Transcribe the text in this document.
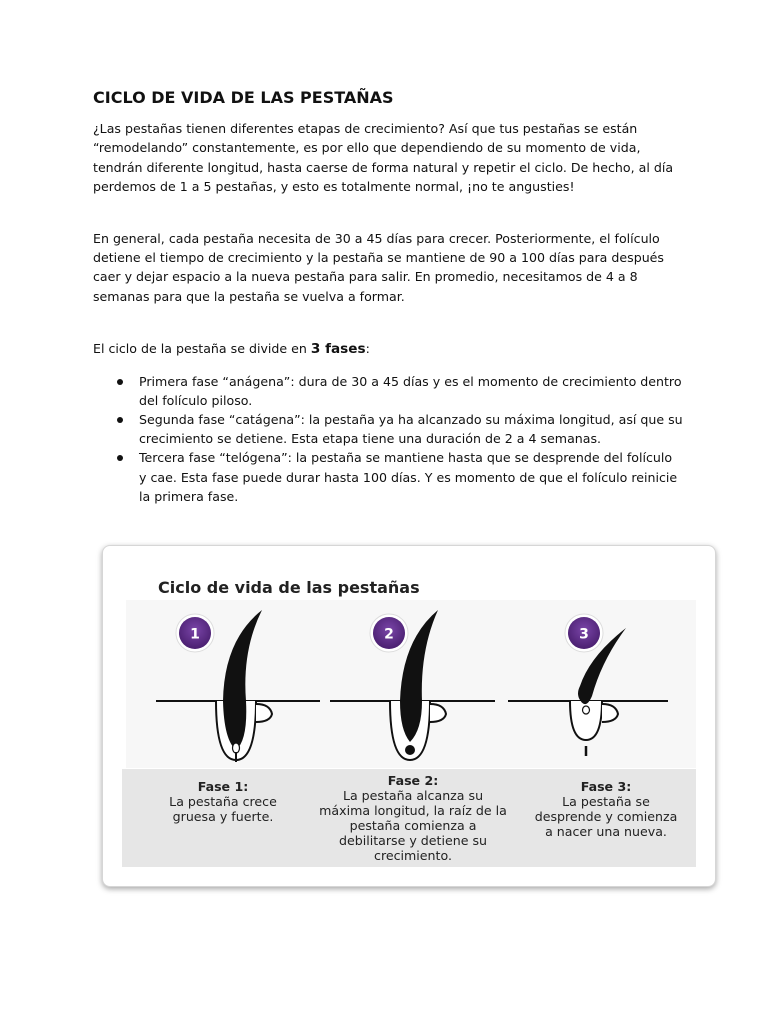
CICLO DE VIDA DE LAS PESTAÑAS

¿Las pestañas tienen diferentes etapas de crecimiento? Así que tus pestañas se están “remodelando” constantemente, es por ello que dependiendo de su momento de vida, tendrán diferente longitud, hasta caerse de forma natural y repetir el ciclo. De hecho, al día perdemos de 1 a 5 pestañas, y esto es totalmente normal, ¡no te angusties!

En general, cada pestaña necesita de 30 a 45 días para crecer. Posteriormente, el folículo detiene el tiempo de crecimiento y la pestaña se mantiene de 90 a 100 días para después caer y dejar espacio a la nueva pestaña para salir. En promedio, necesitamos de 4 a 8 semanas para que la pestaña se vuelva a formar.

El ciclo de la pestaña se divide en 3 fases:

Primera fase “anágena”: dura de 30 a 45 días y es el momento de crecimiento dentro del folículo piloso.
Segunda fase “catágena”: la pestaña ya ha alcanzado su máxima longitud, así que su crecimiento se detiene. Esta etapa tiene una duración de 2 a 4 semanas.
Tercera fase “telógena”: la pestaña se mantiene hasta que se desprende del folículo y cae. Esta fase puede durar hasta 100 días. Y es momento de que el folículo reinicie la primera fase.
Ciclo de vida de las pestañas
1	2	3
Fase 1:
La pestaña crece gruesa y fuerte.
Fase 2:
La pestaña alcanza su máxima longitud, la raíz de la pestaña comienza a debilitarse y detiene su crecimiento.
Fase 3:
La pestaña se desprende y comienza a nacer una nueva.
